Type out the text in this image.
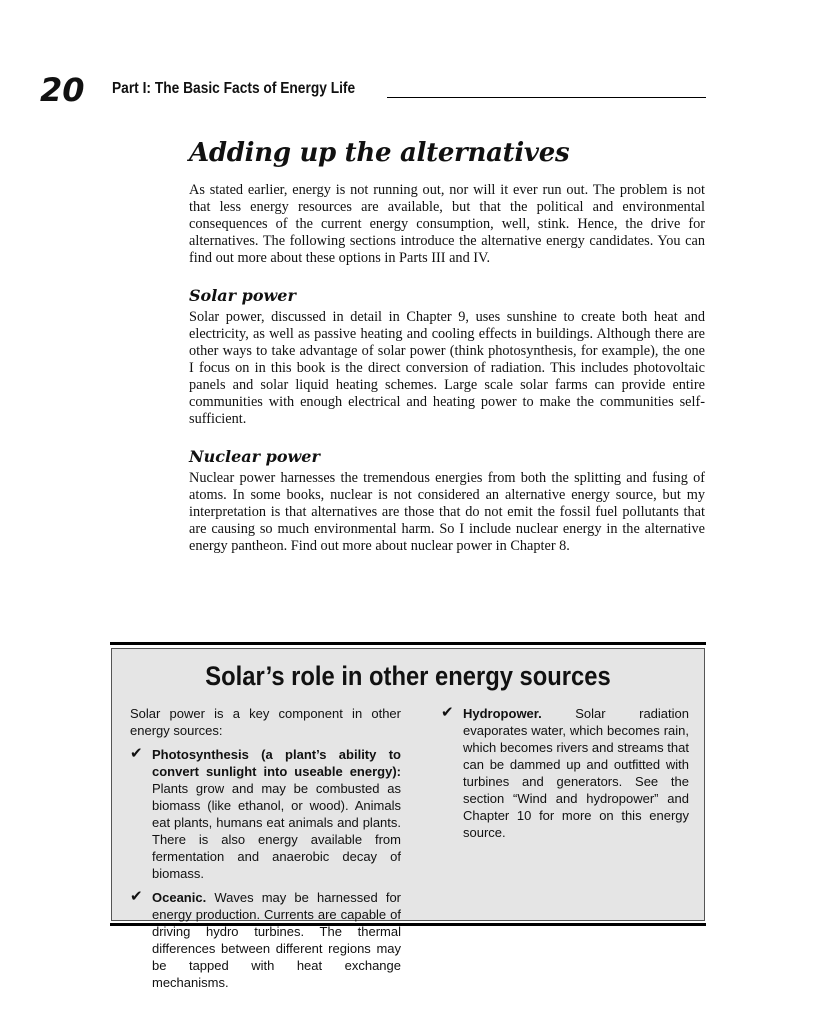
20 Part I: The Basic Facts of Energy Life
Adding up the alternatives

As stated earlier, energy is not running out, nor will it ever run out. The problem is not that less energy resources are available, but that the political and environmental consequences of the current energy consumption, well, stink. Hence, the drive for alternatives. The following sections introduce the alternative energy candidates. You can find out more about these options in Parts III and IV.

Solar power

Solar power, discussed in detail in Chapter 9, uses sunshine to create both heat and electricity, as well as passive heating and cooling effects in buildings. Although there are other ways to take advantage of solar power (think photosynthesis, for example), the one I focus on in this book is the direct conversion of radiation. This includes photovoltaic panels and solar liquid heating schemes. Large scale solar farms can provide entire communities with enough electrical and heating power to make the communities self-sufficient.

Nuclear power

Nuclear power harnesses the tremendous energies from both the splitting and fusing of atoms. In some books, nuclear is not considered an alternative energy source, but my interpretation is that alternatives are those that do not emit the fossil fuel pollutants that are causing so much environmental harm. So I include nuclear energy in the alternative energy pantheon. Find out more about nuclear power in Chapter 8.

Solar’s role in other energy sources

Solar power is a key component in other energy sources:

✔ Photosynthesis (a plant’s ability to convert sunlight into useable energy): Plants grow and may be combusted as biomass (like ethanol, or wood). Animals eat plants, humans eat animals and plants. There is also energy available from fermentation and anaerobic decay of biomass.
✔ Oceanic. Waves may be harnessed for energy production. Currents are capable of driving hydro turbines. The thermal differences between different regions may be tapped with heat exchange mechanisms.
✔ Hydropower.	Solar radiation evaporates water, which becomes rain, which becomes rivers and streams that can be dammed up and outfitted with turbines and generators. See the section “Wind and hydropower” and Chapter 10 for more on this energy source.
